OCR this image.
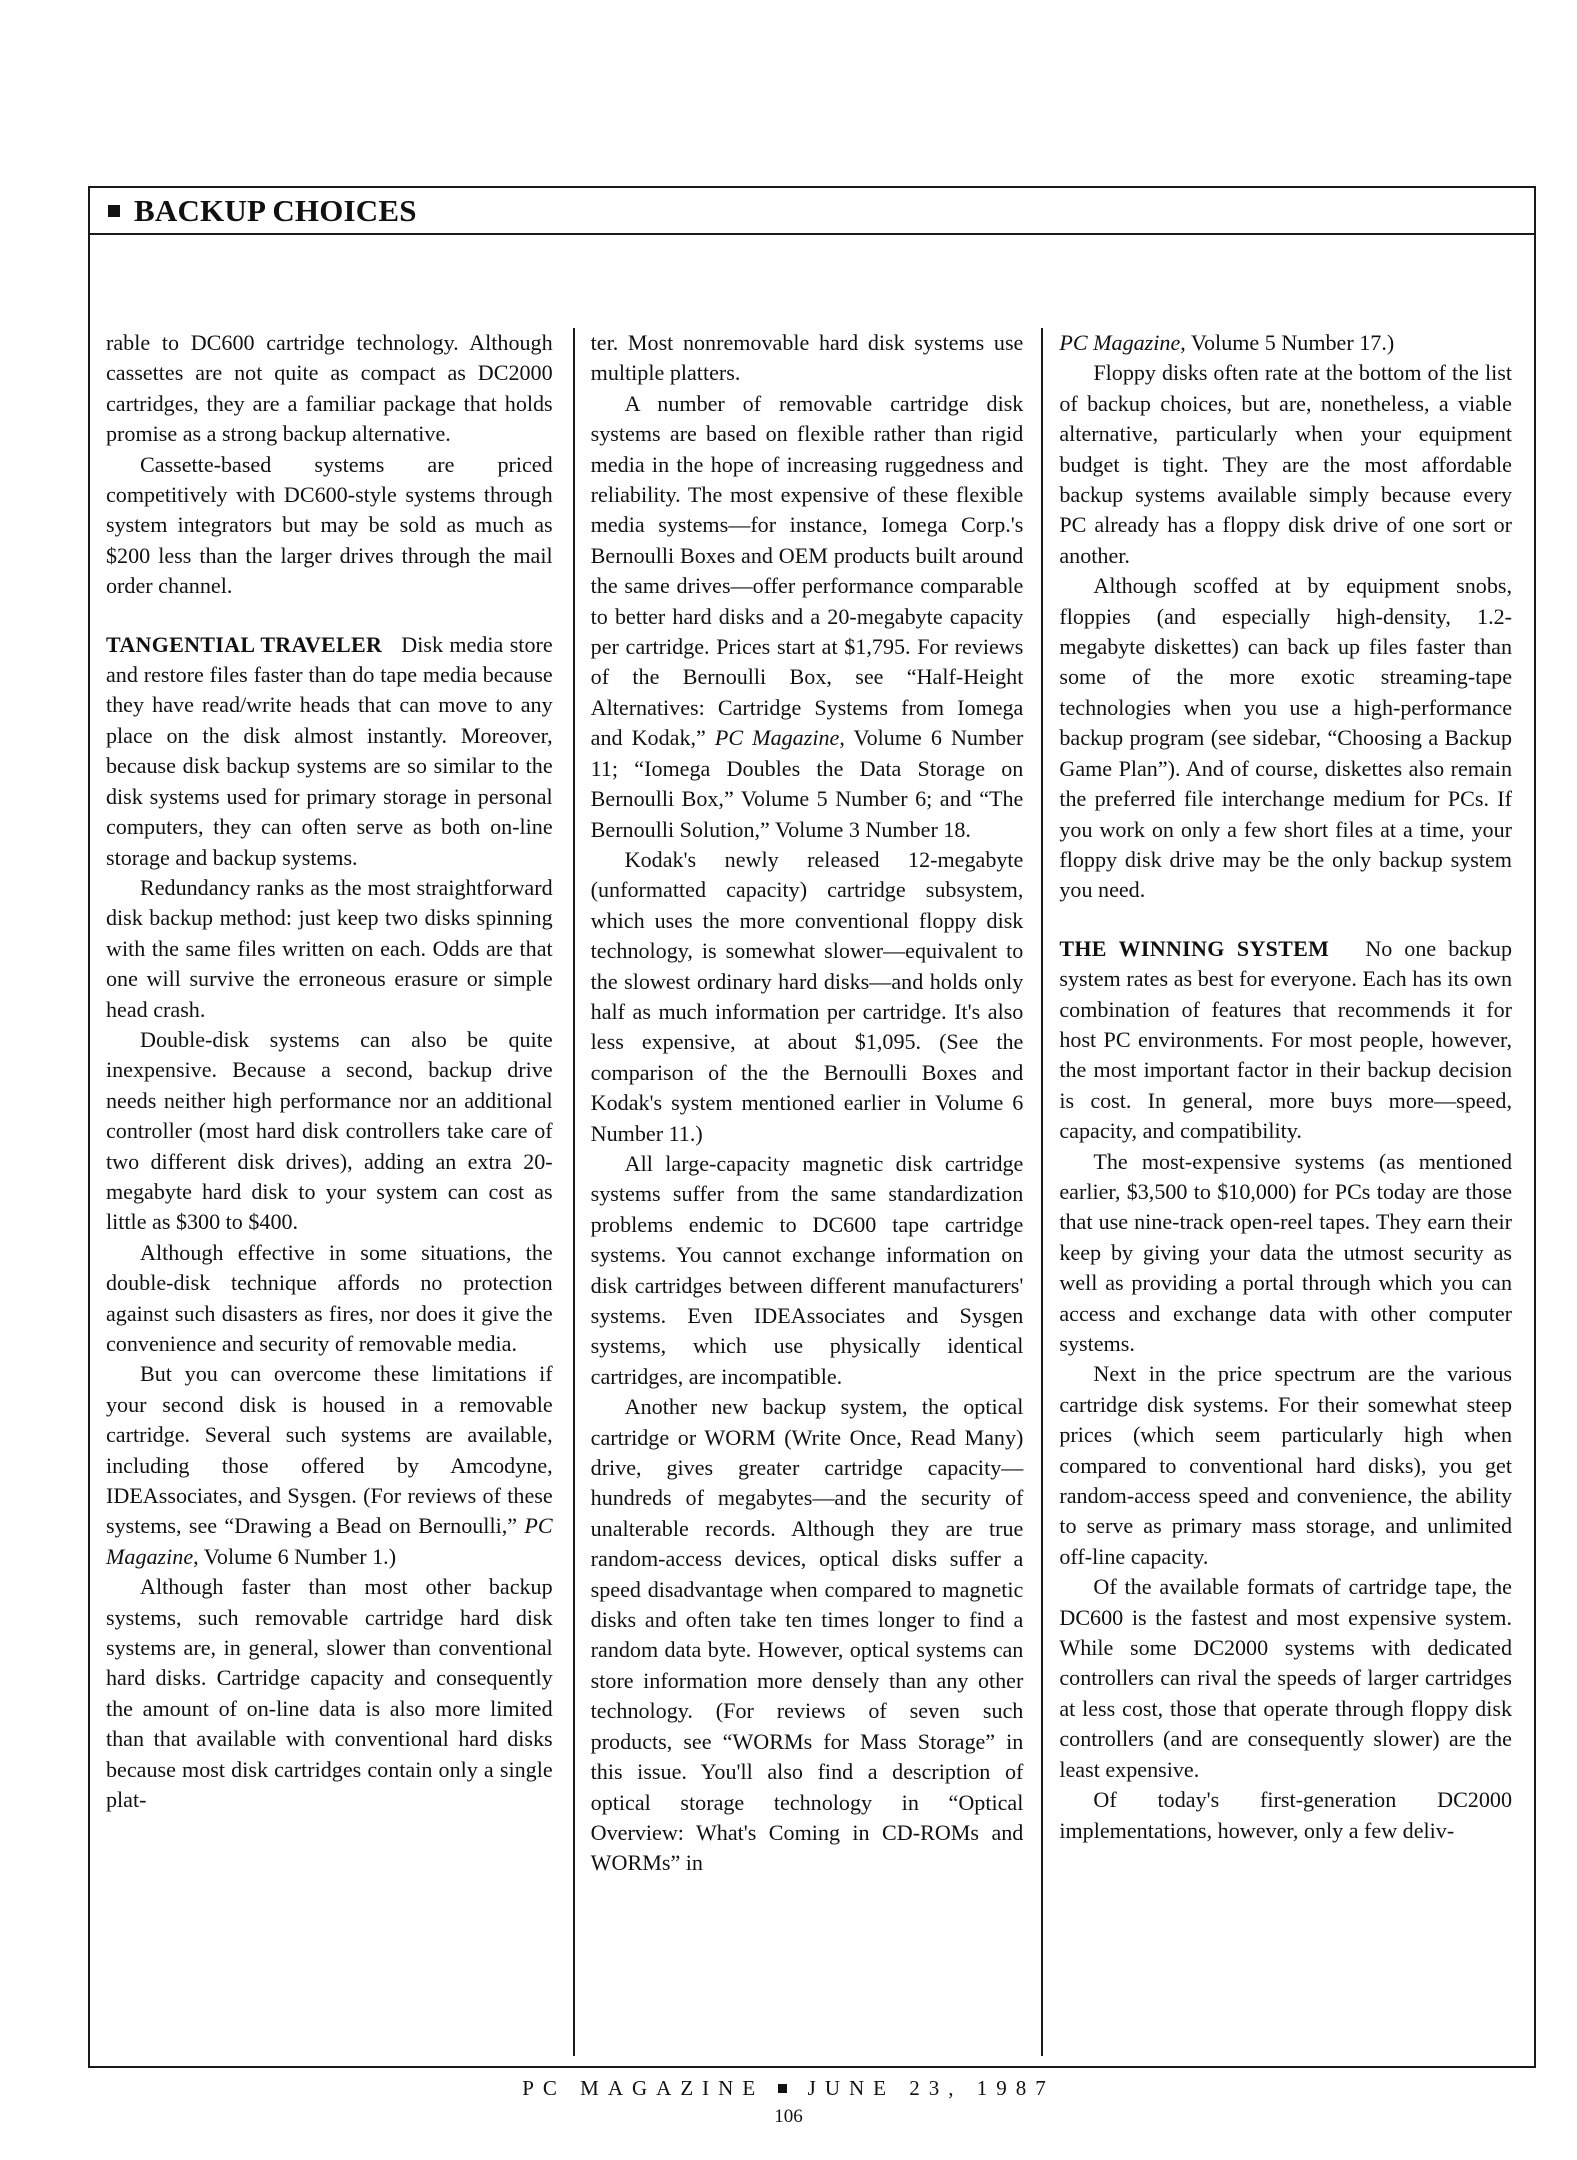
BACKUP CHOICES

rable to DC600 cartridge technology. Although cassettes are not quite as compact as DC2000 cartridges, they are a familiar package that holds promise as a strong backup alternative.

Cassette-based systems are priced competitively with DC600-style systems through system integrators but may be sold as much as $200 less than the larger drives through the mail order channel.

TANGENTIAL TRAVELER Disk media store and restore files faster than do tape media because they have read/write heads that can move to any place on the disk almost instantly. Moreover, because disk backup systems are so similar to the disk systems used for primary storage in personal computers, they can often serve as both on-line storage and backup systems.

Redundancy ranks as the most straightforward disk backup method: just keep two disks spinning with the same files written on each. Odds are that one will survive the erroneous erasure or simple head crash.

Double-disk systems can also be quite inexpensive. Because a second, backup drive needs neither high performance nor an additional controller (most hard disk controllers take care of two different disk drives), adding an extra 20-megabyte hard disk to your system can cost as little as $300 to $400.

Although effective in some situations, the double-disk technique affords no protection against such disasters as fires, nor does it give the convenience and security of removable media.

But you can overcome these limitations if your second disk is housed in a removable cartridge. Several such systems are available, including those offered by Amcodyne, IDEAssociates, and Sysgen. (For reviews of these systems, see “Drawing a Bead on Bernoulli,” PC Magazine, Volume 6 Number 1.)

Although faster than most other backup systems, such removable cartridge hard disk systems are, in general, slower than conventional hard disks. Cartridge capacity and consequently the amount of on-line data is also more limited than that available with conventional hard disks because most disk cartridges contain only a single plat-

ter. Most nonremovable hard disk systems use multiple platters.

A number of removable cartridge disk systems are based on flexible rather than rigid media in the hope of increasing ruggedness and reliability. The most expensive of these flexible media systems—for instance, Iomega Corp.'s Bernoulli Boxes and OEM products built around the same drives—offer performance comparable to better hard disks and a 20-megabyte capacity per cartridge. Prices start at $1,795. For reviews of the Bernoulli Box, see “Half-Height Alternatives: Cartridge Systems from Iomega and Kodak,” PC Magazine, Volume 6 Number 11; “Iomega Doubles the Data Storage on Bernoulli Box,” Volume 5 Number 6; and “The Bernoulli Solution,” Volume 3 Number 18.

Kodak's newly released 12-megabyte (unformatted capacity) cartridge subsystem, which uses the more conventional floppy disk technology, is somewhat slower—equivalent to the slowest ordinary hard disks—and holds only half as much information per cartridge. It's also less expensive, at about $1,095. (See the comparison of the the Bernoulli Boxes and Kodak's system mentioned earlier in Volume 6 Number 11.)

All large-capacity magnetic disk cartridge systems suffer from the same standardization problems endemic to DC600 tape cartridge systems. You cannot exchange information on disk cartridges between different manufacturers' systems. Even IDEAssociates and Sysgen systems, which use physically identical cartridges, are incompatible.

Another new backup system, the optical cartridge or WORM (Write Once, Read Many) drive, gives greater cartridge capacity—hundreds of megabytes—and the security of unalterable records. Although they are true random-access devices, optical disks suffer a speed disadvantage when compared to magnetic disks and often take ten times longer to find a random data byte. However, optical systems can store information more densely than any other technology. (For reviews of seven such products, see “WORMs for Mass Storage” in this issue. You'll also find a description of optical storage technology in “Optical Overview: What's Coming in CD-ROMs and WORMs” in

PC Magazine, Volume 5 Number 17.)

Floppy disks often rate at the bottom of the list of backup choices, but are, nonetheless, a viable alternative, particularly when your equipment budget is tight. They are the most affordable backup systems available simply because every PC already has a floppy disk drive of one sort or another.

Although scoffed at by equipment snobs, floppies (and especially high-density, 1.2-megabyte diskettes) can back up files faster than some of the more exotic streaming-tape technologies when you use a high-performance backup program (see sidebar, “Choosing a Backup Game Plan”). And of course, diskettes also remain the preferred file interchange medium for PCs. If you work on only a few short files at a time, your floppy disk drive may be the only backup system you need.

THE WINNING SYSTEM No one backup system rates as best for everyone. Each has its own combination of features that recommends it for host PC environments. For most people, however, the most important factor in their backup decision is cost. In general, more buys more—speed, capacity, and compatibility.

The most-expensive systems (as mentioned earlier, $3,500 to $10,000) for PCs today are those that use nine-track open-reel tapes. They earn their keep by giving your data the utmost security as well as providing a portal through which you can access and exchange data with other computer systems.

Next in the price spectrum are the various cartridge disk systems. For their somewhat steep prices (which seem particularly high when compared to conventional hard disks), you get random-access speed and convenience, the ability to serve as primary mass storage, and unlimited off-line capacity.

Of the available formats of cartridge tape, the DC600 is the fastest and most expensive system. While some DC2000 systems with dedicated controllers can rival the speeds of larger cartridges at less cost, those that operate through floppy disk controllers (and are consequently slower) are the least expensive.

Of today's first-generation DC2000 implementations, however, only a few deliv-

PC MAGAZINE JUNE 23, 1987
106
